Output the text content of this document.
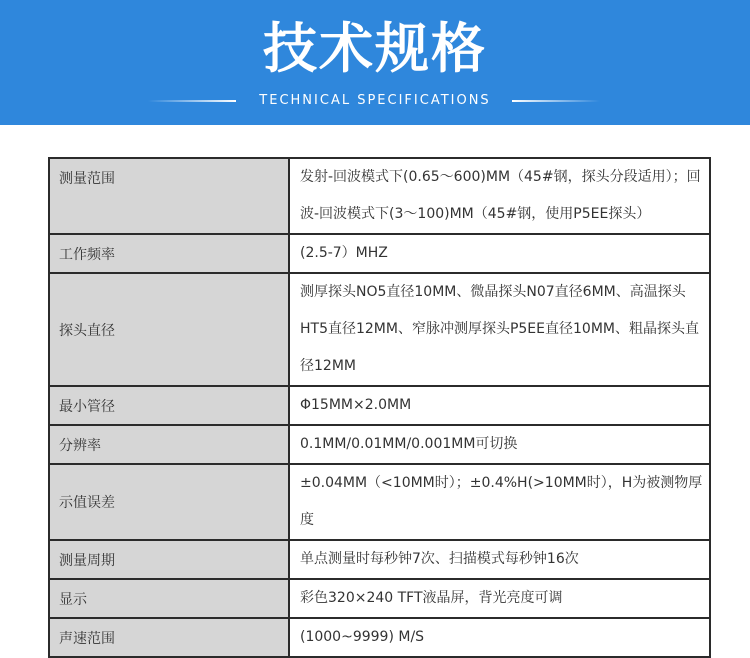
技术规格
TECHNICAL SPECIFICATIONS
测量范围	发射-回波模式下(0.65～600)MM（45#钢，探头分段适用）；回波-回波模式下(3～100)MM（45#钢，使用P5EE探头）
工作频率	(2.5-7）MHZ
探头直径	测厚探头NO5直径10MM、微晶探头N07直径6MM、高温探头HT5直径12MM、窄脉冲测厚探头P5EE直径10MM、粗晶探头直径12MM
最小管径	Φ15MM×2.0MM
分辨率	0.1MM/0.01MM/0.001MM可切换
示值误差	±0.04MM（<10MM时）；±0.4%H(>10MM时），H为被测物厚度
测量周期	单点测量时每秒钟7次、扫描模式每秒钟16次
显示	彩色320×240 TFT液晶屏，背光亮度可调
声速范围	(1000~9999) M/S
